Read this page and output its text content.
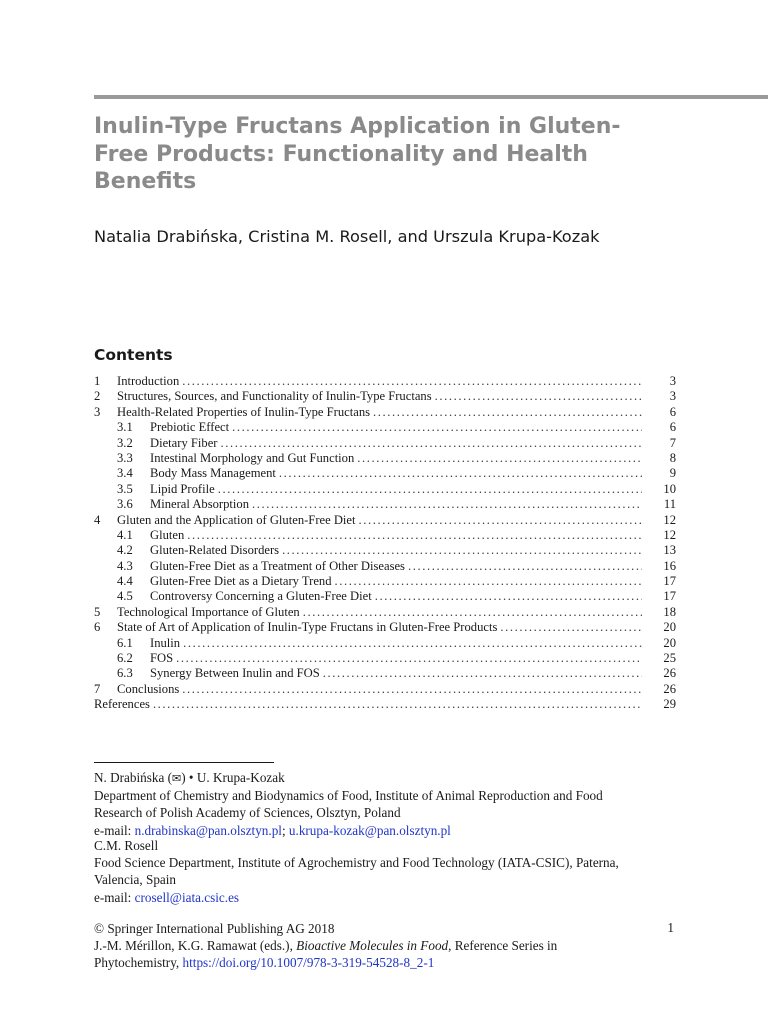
Inulin-Type Fructans Application in Gluten-
Free Products: Functionality and Health
Benefits
Natalia Drabińska, Cristina M. Rosell, and Urszula Krupa-Kozak
Contents
1	Introduction .....	3
2	Structures, Sources, and Functionality of Inulin-Type Fructans .....	3
3	Health-Related Properties of Inulin-Type Fructans .....	6
3.1	Prebiotic Effect .....	6
3.2	Dietary Fiber .....	7
3.3	Intestinal Morphology and Gut Function .....	8
3.4	Body Mass Management .....	9
3.5	Lipid Profile .....	10
3.6	Mineral Absorption .....	11
4	Gluten and the Application of Gluten-Free Diet .....	12
4.1	Gluten .....	12
4.2	Gluten-Related Disorders .....	13
4.3	Gluten-Free Diet as a Treatment of Other Diseases .....	16
4.4	Gluten-Free Diet as a Dietary Trend .....	17
4.5	Controversy Concerning a Gluten-Free Diet .....	17
5	Technological Importance of Gluten .....	18
6	State of Art of Application of Inulin-Type Fructans in Gluten-Free Products .....	20
6.1	Inulin .....	20
6.2	FOS .....	25
6.3	Synergy Between Inulin and FOS .....	26
7	Conclusions .....	26
References .....	29
N. Drabińska (✉) • U. Krupa-Kozak
Department of Chemistry and Biodynamics of Food, Institute of Animal Reproduction and Food
Research of Polish Academy of Sciences, Olsztyn, Poland
e-mail: n.drabinska@pan.olsztyn.pl; u.krupa-kozak@pan.olsztyn.pl
C.M. Rosell
Food Science Department, Institute of Agrochemistry and Food Technology (IATA-CSIC), Paterna,
Valencia, Spain
e-mail: crosell@iata.csic.es
© Springer International Publishing AG 2018
J.-M. Mérillon, K.G. Ramawat (eds.), Bioactive Molecules in Food, Reference Series in
Phytochemistry, https://doi.org/10.1007/978-3-319-54528-8_2-1
1
